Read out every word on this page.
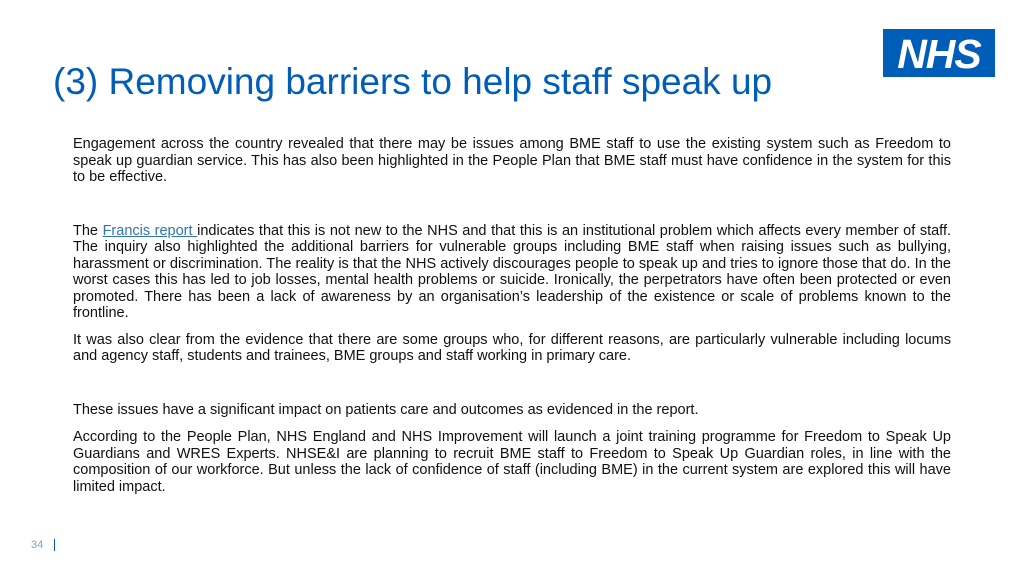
(3) Removing barriers to help staff speak up
NHS

Engagement across the country revealed that there may be issues among BME staff to use the existing system such as Freedom to speak up guardian service. This has also been highlighted in the People Plan that BME staff must have confidence in the system for this to be effective.

The Francis report indicates that this is not new to the NHS and that this is an institutional problem which affects every member of staff. The inquiry also highlighted the additional barriers for vulnerable groups including BME staff when raising issues such as bullying, harassment or discrimination. The reality is that the NHS actively discourages people to speak up and tries to ignore those that do. In the worst cases this has led to job losses, mental health problems or suicide. Ironically, the perpetrators have often been protected or even promoted. There has been a lack of awareness by an organisation’s leadership of the existence or scale of problems known to the frontline.

It was also clear from the evidence that there are some groups who, for different reasons, are particularly vulnerable including locums and agency staff, students and trainees, BME groups and staff working in primary care.

These issues have a significant impact on patients care and outcomes as evidenced in the report.

According to the People Plan, NHS England and NHS Improvement will launch a joint training programme for Freedom to Speak Up Guardians and WRES Experts. NHSE&I are planning to recruit BME staff to Freedom to Speak Up Guardian roles, in line with the composition of our workforce. But unless the lack of confidence of staff (including BME) in the current system are explored this will have limited impact.

34
